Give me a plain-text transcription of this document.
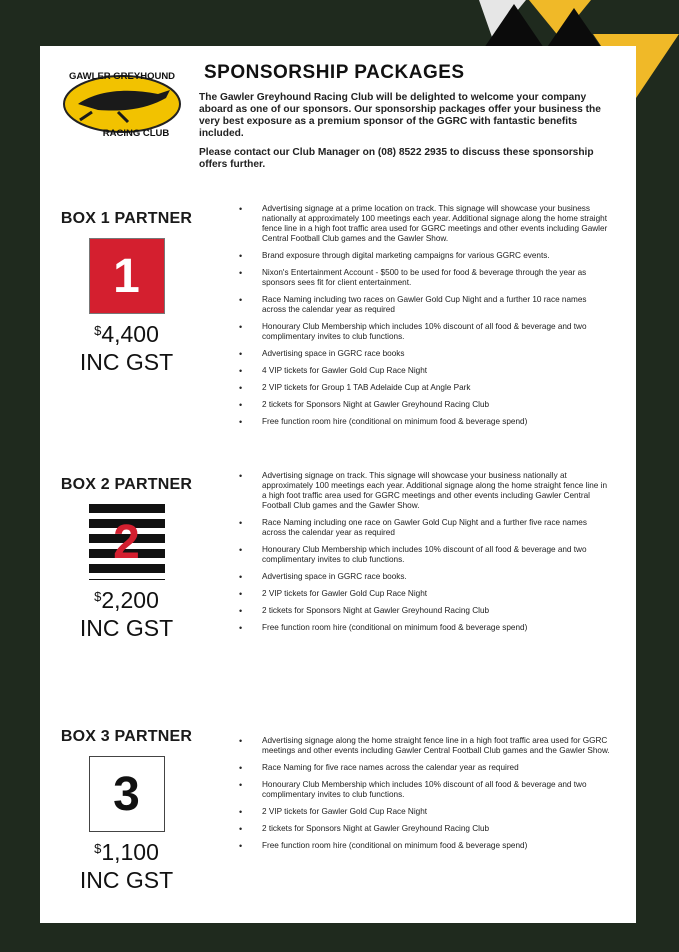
GAWLER GREYHOUND
RACING CLUB
SPONSORSHIP PACKAGES

The Gawler Greyhound Racing Club will be delighted to welcome your company aboard as one of our sponsors. Our sponsorship packages offer your business the very best exposure as a premium sponsor of the GGRC with fantastic benefits included.

Please contact our Club Manager on (08) 8522 2935 to discuss these sponsorship offers further.

BOX 1 PARTNER
1
$4,400
INC GST
• Advertising signage at a prime location on track. This signage will showcase your business nationally at approximately 100 meetings each year. Additional signage along the home straight fence line in a high foot traffic area used for GGRC meetings and other events including Gawler Central Football Club games and the Gawler Show.
• Brand exposure through digital marketing campaigns for various GGRC events.
• Nixon's Entertainment Account - $500 to be used for food & beverage through the year as sponsors sees fit for client entertainment.
• Race Naming including two races on Gawler Gold Cup Night and a further 10 race names across the calendar year as required
• Honourary Club Membership which includes 10% discount of all food & beverage and two complimentary invites to club functions.
• Advertising space in GGRC race books
• 4 VIP tickets for Gawler Gold Cup Race Night
• 2 VIP tickets for Group 1 TAB Adelaide Cup at Angle Park
• 2 tickets for Sponsors Night at Gawler Greyhound Racing Club
• Free function room hire (conditional on minimum food & beverage spend)
BOX 2 PARTNER
2
$2,200
INC GST
• Advertising signage on track. This signage will showcase your business nationally at approximately 100 meetings each year. Additional signage along the home straight fence line in a high foot traffic area used for GGRC meetings and other events including Gawler Central Football Club games and the Gawler Show.
• Race Naming including one race on Gawler Gold Cup Night and a further five race names across the calendar year as required
• Honourary Club Membership which includes 10% discount of all food & beverage and two complimentary invites to club functions.
• Advertising space in GGRC race books.
• 2 VIP tickets for Gawler Gold Cup Race Night
• 2 tickets for Sponsors Night at Gawler Greyhound Racing Club
• Free function room hire (conditional on minimum food & beverage spend)
BOX 3 PARTNER
3
$1,100
INC GST
• Advertising signage along the home straight fence line in a high foot traffic area used for GGRC meetings and other events including Gawler Central Football Club games and the Gawler Show.
• Race Naming for five race names across the calendar year as required
• Honourary Club Membership which includes 10% discount of all food & beverage and two complimentary invites to club functions.
• 2 VIP tickets for Gawler Gold Cup Race Night
• 2 tickets for Sponsors Night at Gawler Greyhound Racing Club
• Free function room hire (conditional on minimum food & beverage spend)
